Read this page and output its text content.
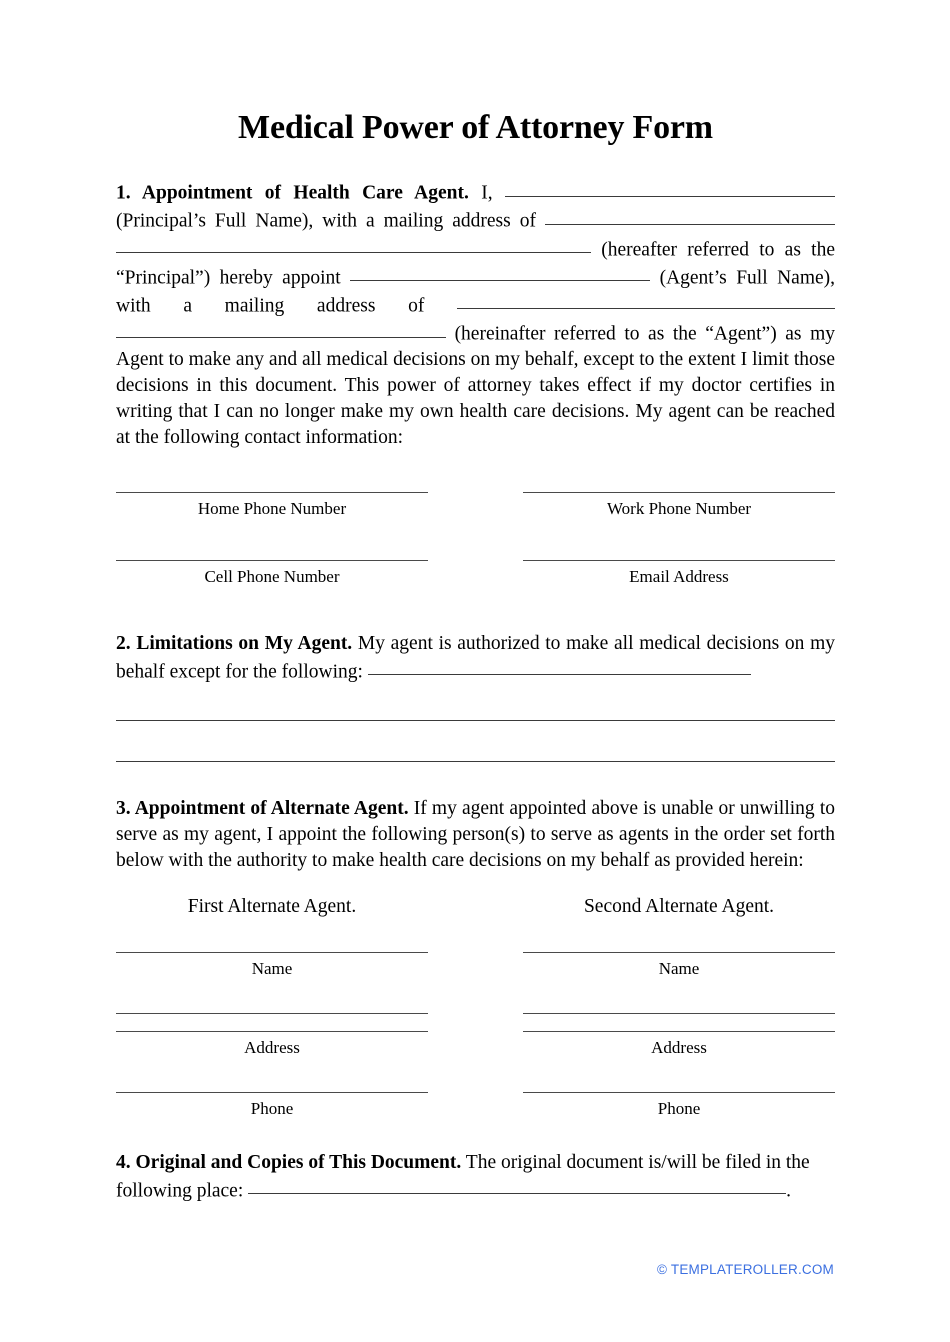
Medical Power of Attorney Form

1. Appointment of Health Care Agent. I, (Principal’s Full Name), with a mailing address of  (hereafter referred to as the “Principal”) hereby appoint	(Agent’s Full Name), with a mailing address of  (hereinafter referred to as the “Agent”) as my Agent to make any and all medical decisions on my behalf, except to the extent I limit those decisions in this document. This power of attorney takes effect if my doctor certifies in writing that I can no longer make my own health care decisions. My agent can be reached at the following contact information:

Home Phone Number	Work Phone Number
Cell Phone Number	Email Address

2. Limitations on My Agent. My agent is authorized to make all medical decisions on my behalf except for the following:

3. Appointment of Alternate Agent. If my agent appointed above is unable or unwilling to serve as my agent, I appoint the following person(s) to serve as agents in the order set forth below with the authority to make health care decisions on my behalf as provided herein:

First Alternate Agent.	Second Alternate Agent.
Name	Name
Address	Address
Phone	Phone

4. Original and Copies of This Document. The original document is/will be filed in the following place:	.

© TEMPLATEROLLER.COM
